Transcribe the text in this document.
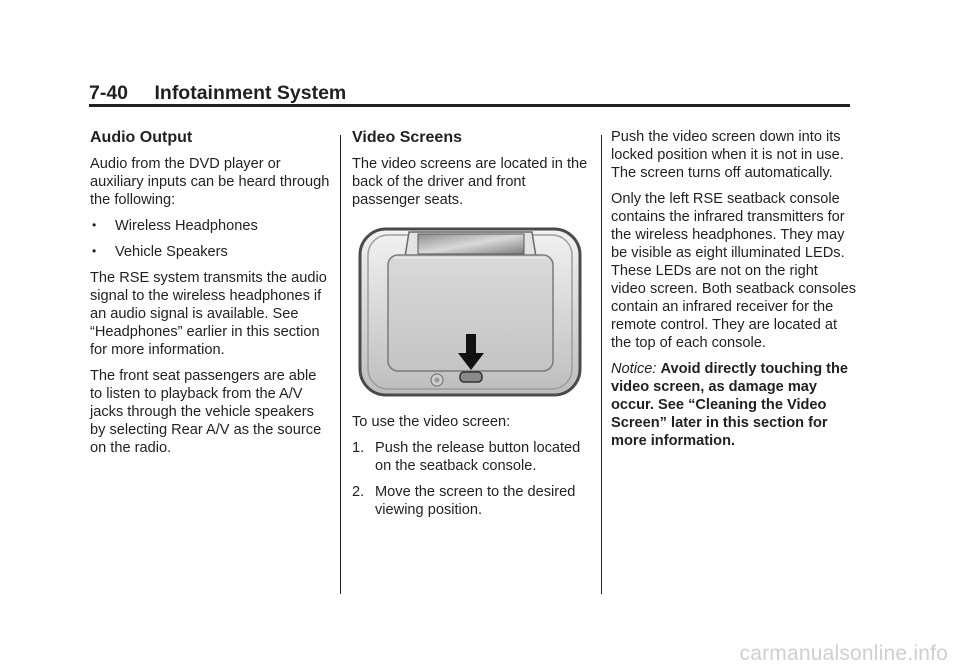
7-40 Infotainment System
Audio Output

Audio from the DVD player or auxiliary inputs can be heard through the following:

• Wireless Headphones
• Vehicle Speakers

The RSE system transmits the audio signal to the wireless headphones if an audio signal is available. See “Headphones” earlier in this section for more information.

The front seat passengers are able to listen to playback from the A/V jacks through the vehicle speakers by selecting Rear A/V as the source on the radio.

Video Screens

The video screens are located in the back of the driver and front passenger seats.

To use the video screen:

1. Push the release button located on the seatback console.
2. Move the screen to the desired viewing position.

Push the video screen down into its locked position when it is not in use. The screen turns off automatically.

Only the left RSE seatback console contains the infrared transmitters for the wireless headphones. They may be visible as eight illuminated LEDs. These LEDs are not on the right video screen. Both seatback consoles contain an infrared receiver for the remote control. They are located at the top of each console.

Notice: Avoid directly touching the video screen, as damage may occur. See “Cleaning the Video Screen” later in this section for more information.

carmanualsonline.info
